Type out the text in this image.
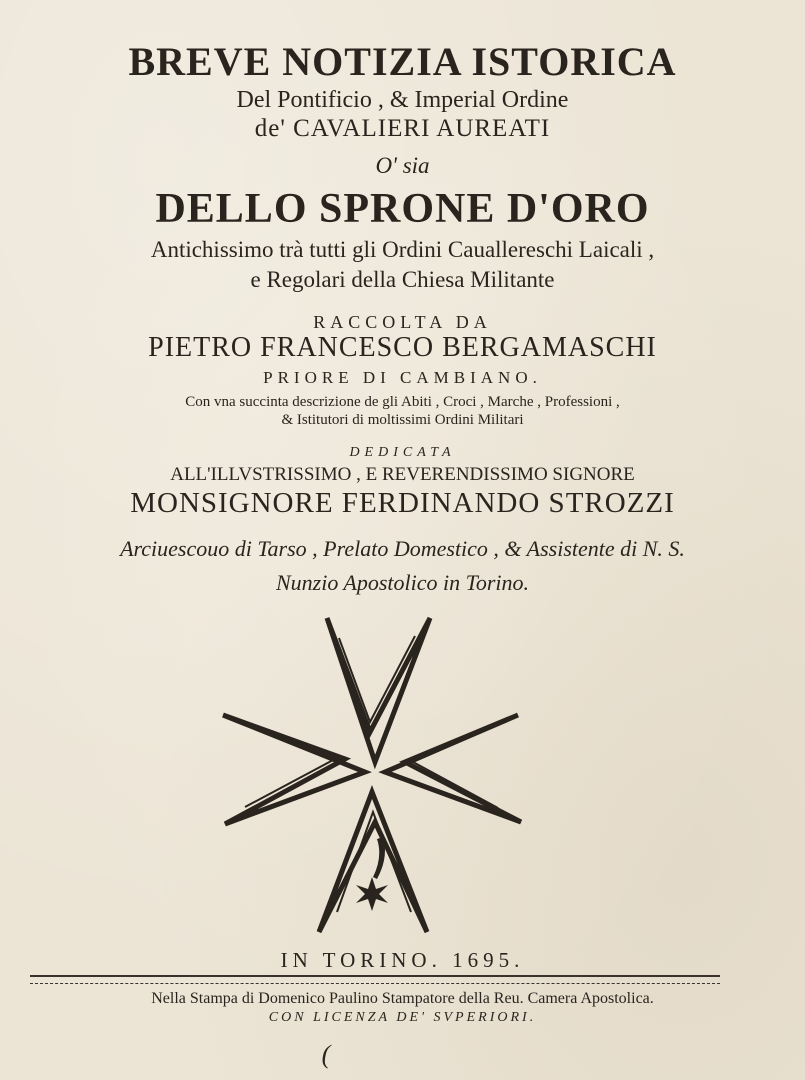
BREVE NOTIZIA ISTORICA

Del Pontificio , & Imperial Ordine

de' CAVALIERI AUREATI

O' sia

DELLO SPRONE D'ORO

Antichissimo trà tutti gli Ordini Cauallereschi Laicali ,

e Regolari della Chiesa Militante

RACCOLTA DA

PIETRO FRANCESCO BERGAMASCHI

PRIORE DI CAMBIANO.

Con vna succinta descrizione de gli Abiti , Croci , Marche , Professioni ,

& Istitutori di moltissimi Ordini Militari

DEDICATA

ALL'ILLVSTRISSIMO , E REVERENDISSIMO SIGNORE

MONSIGNORE FERDINANDO STROZZI

Arciuescouo di Tarso , Prelato Domestico , & Assistente di N. S.

Nunzio Apostolico in Torino.

IN TORINO. 1695.

Nella Stampa di Domenico Paulino Stampatore della Reu. Camera Apostolica.

CON LICENZA DE' SVPERIORI.

(
